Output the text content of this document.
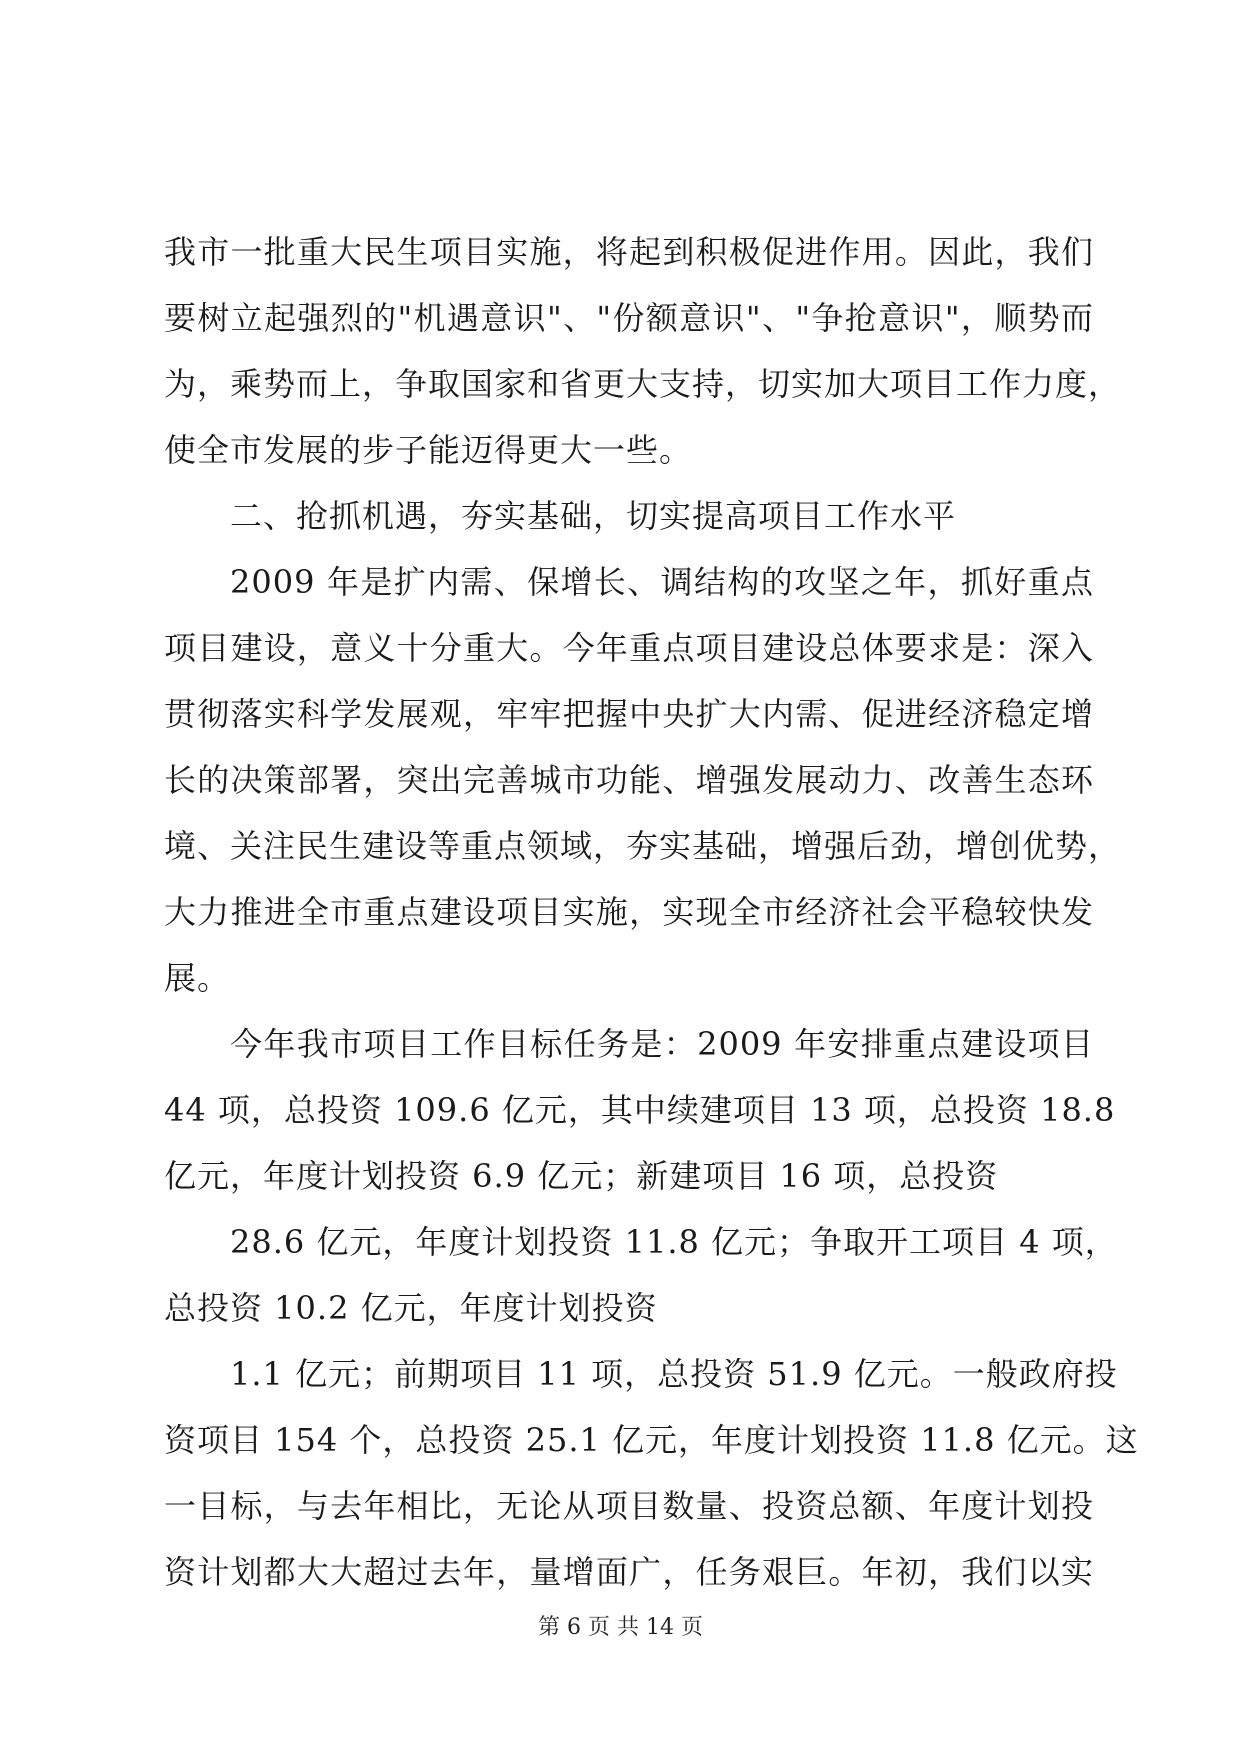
我市一批重大民生项目实施，将起到积极促进作用。因此，我们
要树立起强烈的"机遇意识"、"份额意识"、"争抢意识"，顺势而
为，乘势而上，争取国家和省更大支持，切实加大项目工作力度，
使全市发展的步子能迈得更大一些。
二、抢抓机遇，夯实基础，切实提高项目工作水平
2009 年是扩内需、保增长、调结构的攻坚之年，抓好重点
项目建设，意义十分重大。今年重点项目建设总体要求是：深入
贯彻落实科学发展观，牢牢把握中央扩大内需、促进经济稳定增
长的决策部署，突出完善城市功能、增强发展动力、改善生态环
境、关注民生建设等重点领域，夯实基础，增强后劲，增创优势，
大力推进全市重点建设项目实施，实现全市经济社会平稳较快发
展。
今年我市项目工作目标任务是：2009 年安排重点建设项目
44 项，总投资 109.6 亿元，其中续建项目 13 项，总投资 18.8
亿元，年度计划投资 6.9 亿元；新建项目 16 项，总投资
28.6 亿元，年度计划投资 11.8 亿元；争取开工项目 4 项，
总投资 10.2 亿元，年度计划投资
1.1 亿元；前期项目 11 项，总投资 51.9 亿元。一般政府投
资项目 154 个，总投资 25.1 亿元，年度计划投资 11.8 亿元。这
一目标，与去年相比，无论从项目数量、投资总额、年度计划投
资计划都大大超过去年，量增面广，任务艰巨。年初，我们以实
第 6 页 共 14 页
